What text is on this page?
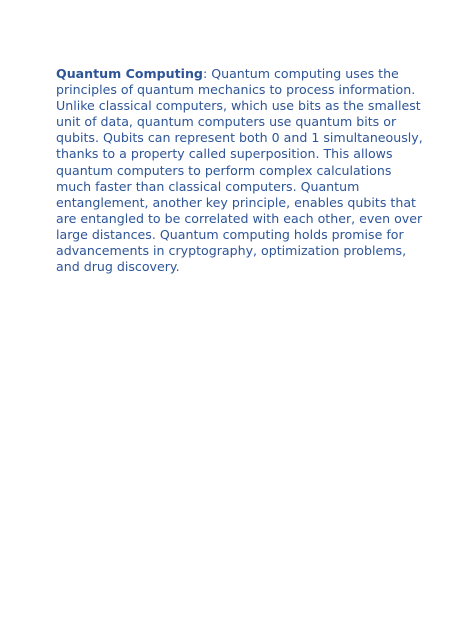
Quantum Computing: Quantum computing uses the principles of quantum mechanics to process information. Unlike classical computers, which use bits as the smallest unit of data, quantum computers use quantum bits or qubits. Qubits can represent both 0 and 1 simultaneously, thanks to a property called superposition. This allows quantum computers to perform complex calculations much faster than classical computers. Quantum entanglement, another key principle, enables qubits that are entangled to be correlated with each other, even over large distances. Quantum computing holds promise for advancements in cryptography, optimization problems, and drug discovery.
